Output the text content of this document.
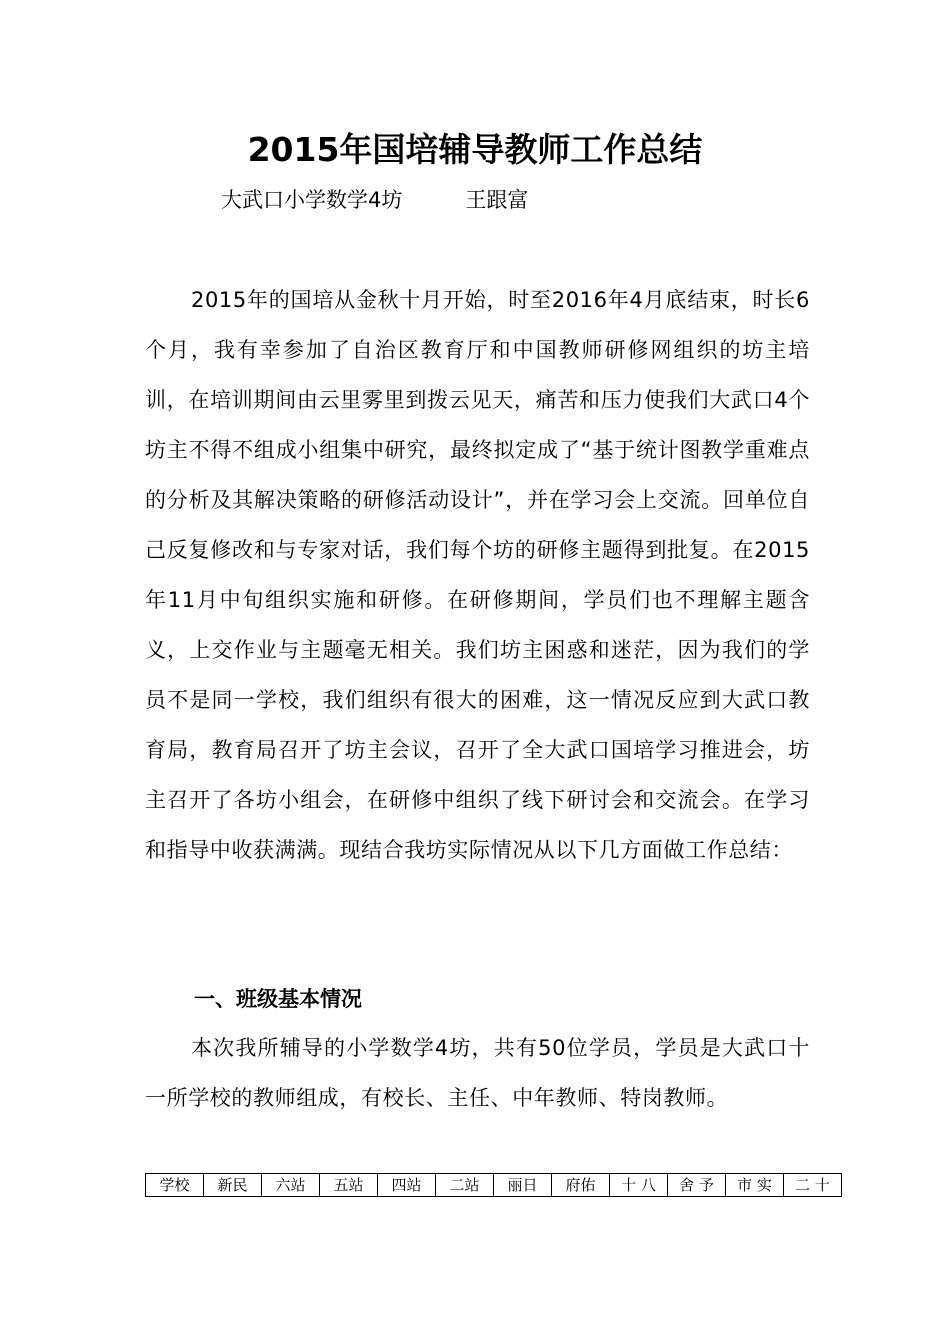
2015年国培辅导教师工作总结
大武口小学数学4坊　　　王跟富
2015年的国培从金秋十月开始，时至2016年4月底结束，时长6个月，我有幸参加了自治区教育厅和中国教师研修网组织的坊主培训，在培训期间由云里雾里到拨云见天，痛苦和压力使我们大武口4个坊主不得不组成小组集中研究，最终拟定成了“基于统计图教学重难点的分析及其解决策略的研修活动设计”，并在学习会上交流。回单位自己反复修改和与专家对话，我们每个坊的研修主题得到批复。在2015年11月中旬组织实施和研修。在研修期间，学员们也不理解主题含义，上交作业与主题毫无相关。我们坊主困惑和迷茫，因为我们的学员不是同一学校，我们组织有很大的困难，这一情况反应到大武口教育局，教育局召开了坊主会议，召开了全大武口国培学习推进会，坊主召开了各坊小组会，在研修中组织了线下研讨会和交流会。在学习和指导中收获满满。现结合我坊实际情况从以下几方面做工作总结：
一、班级基本情况
本次我所辅导的小学数学4坊，共有50位学员，学员是大武口十一所学校的教师组成，有校长、主任、中年教师、特岗教师。
学校	新民	六站	五站	四站	二站	丽日	府佑	十 八	舍 予	市 实	二 十
